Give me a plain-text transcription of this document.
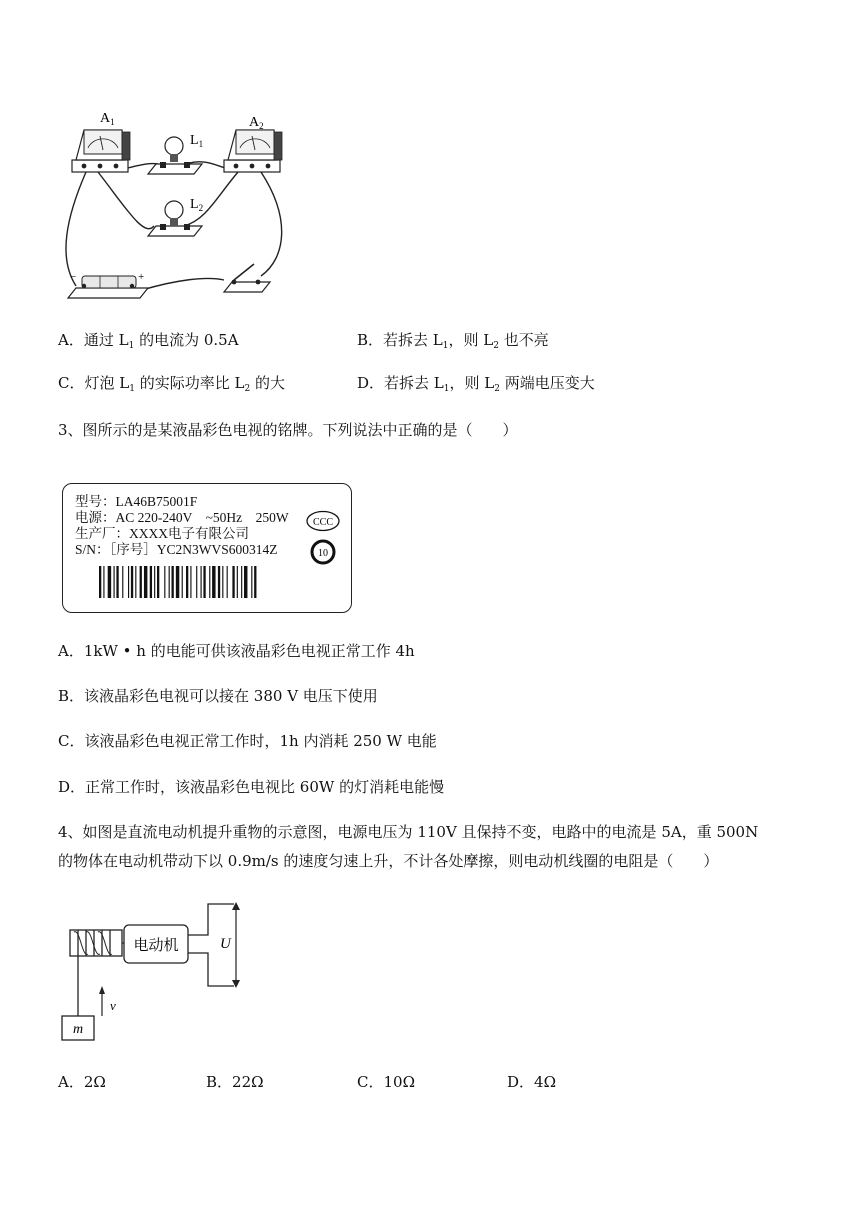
$A_1$	$A_2$
$L_1$
$L_2$
−	+
A．通过 $L_1$ 的电流为 0.5A	B．若拆去 $L_1$，则 $L_2$ 也不亮
C．灯泡 $L_1$ 的实际功率比 $L_2$ 的大	D．若拆去 $L_1$，则 $L_2$ 两端电压变大
3、图所示的是某液晶彩色电视的铭牌。下列说法中正确的是（　　）
型号：LA46B75001F
电源：AC 220-240V　~50Hz　250W
生产厂：XXXX电子有限公司
S/N：［序号］YC2N3WVS600314Z
CCC
10
A．1kW • h 的电能可供该液晶彩色电视正常工作 4h
B．该液晶彩色电视可以接在 380 V 电压下使用
C．该液晶彩色电视正常工作时，1h 内消耗 250 W 电能
D．正常工作时，该液晶彩色电视比 60W 的灯消耗电能慢
4、如图是直流电动机提升重物的示意图，电源电压为 110V 且保持不变，电路中的电流是 5A，重 500N
的物体在电动机带动下以 0.9m/s 的速度匀速上升，不计各处摩擦，则电动机线圈的电阻是（　　）
电动机	U
v
m
A．2Ω	B．22Ω	C．10Ω	D．4Ω
